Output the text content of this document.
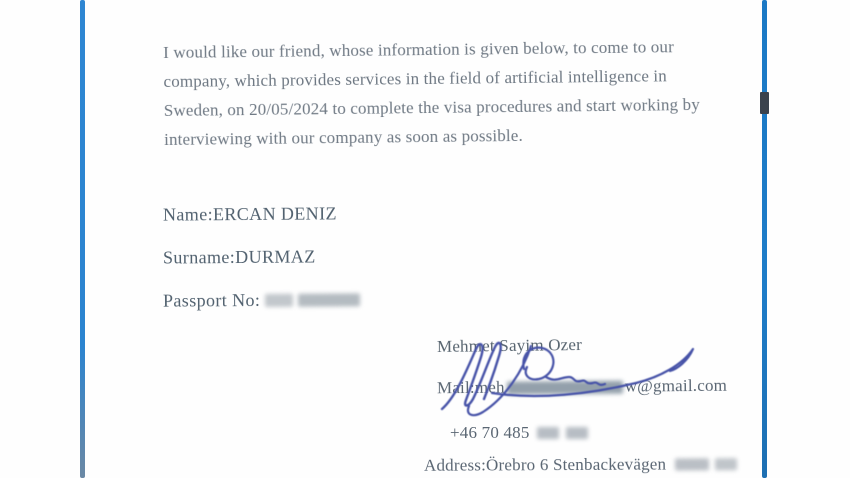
I would like our friend, whose information is given below, to come to our
company, which provides services in the field of artificial intelligence in
Sweden, on 20/05/2024 to complete the visa procedures and start working by
interviewing with our company as soon as possible.
Name:ERCAN DENIZ
Surname:DURMAZ
Passport No:
Mehmet Sayim Ozer
Mail:meh	w@gmail.com
+46 70 485
Address:Örebro 6 Stenbackevägen
